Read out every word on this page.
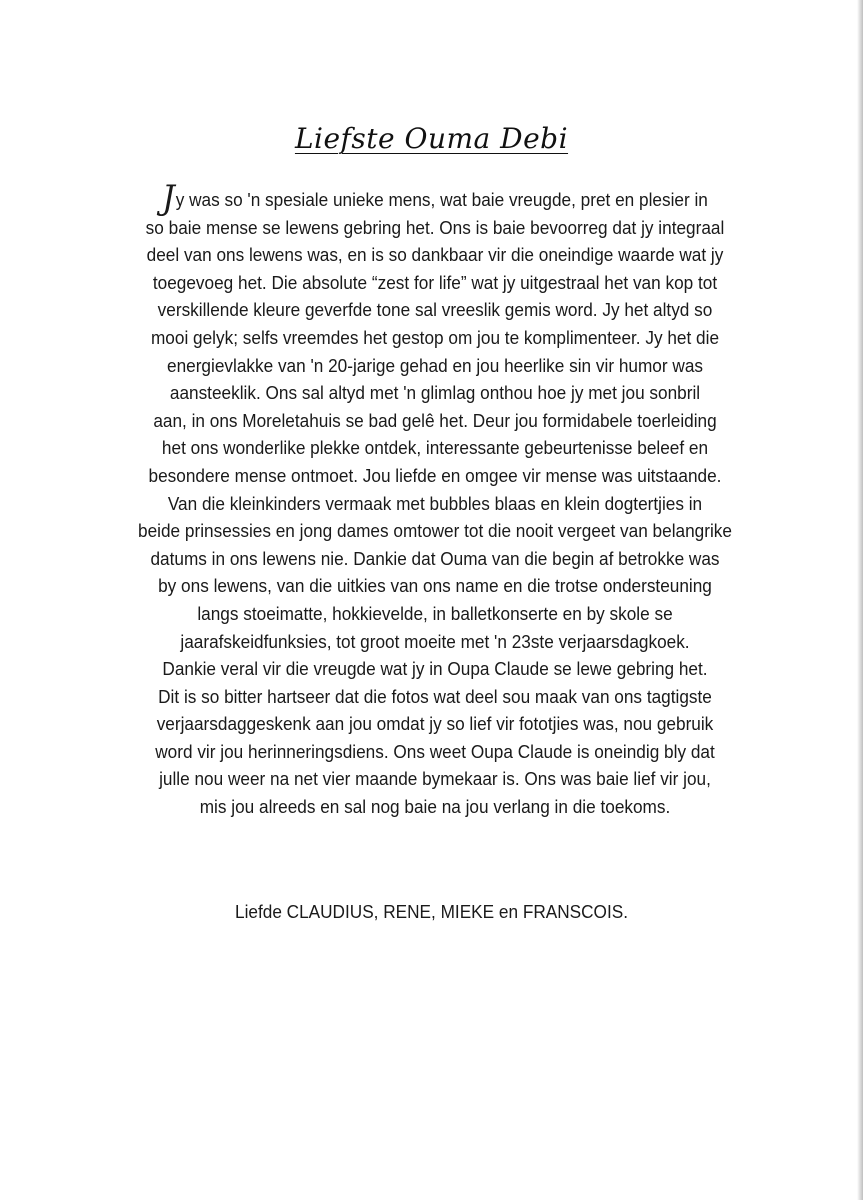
Liefste Ouma Debi
Jy was so 'n spesiale unieke mens, wat baie vreugde, pret en plesier in
so baie mense se lewens gebring het. Ons is baie bevoorreg dat jy integraal
deel van ons lewens was, en is so dankbaar vir die oneindige waarde wat jy
toegevoeg het. Die absolute “zest for life” wat jy uitgestraal het van kop tot
verskillende kleure geverfde tone sal vreeslik gemis word. Jy het altyd so
mooi gelyk; selfs vreemdes het gestop om jou te komplimenteer. Jy het die
energievlakke van 'n 20-jarige gehad en jou heerlike sin vir humor was
aansteeklik. Ons sal altyd met 'n glimlag onthou hoe jy met jou sonbril
aan, in ons Moreletahuis se bad gelê het. Deur jou formidabele toerleiding
het ons wonderlike plekke ontdek, interessante gebeurtenisse beleef en
besondere mense ontmoet. Jou liefde en omgee vir mense was uitstaande.
Van die kleinkinders vermaak met bubbles blaas en klein dogtertjies in
beide prinsessies en jong dames omtower tot die nooit vergeet van belangrike
datums in ons lewens nie. Dankie dat Ouma van die begin af betrokke was
by ons lewens, van die uitkies van ons name en die trotse ondersteuning
langs stoeimatte, hokkievelde, in balletkonserte en by skole se
jaarafskeidfunksies, tot groot moeite met 'n 23ste verjaarsdagkoek.
Dankie veral vir die vreugde wat jy in Oupa Claude se lewe gebring het.
Dit is so bitter hartseer dat die fotos wat deel sou maak van ons tagtigste
verjaarsdaggeskenk aan jou omdat jy so lief vir fototjies was, nou gebruik
word vir jou herinneringsdiens. Ons weet Oupa Claude is oneindig bly dat
julle nou weer na net vier maande bymekaar is. Ons was baie lief vir jou,
mis jou alreeds en sal nog baie na jou verlang in die toekoms.
Liefde CLAUDIUS, RENE, MIEKE en FRANSCOIS.
